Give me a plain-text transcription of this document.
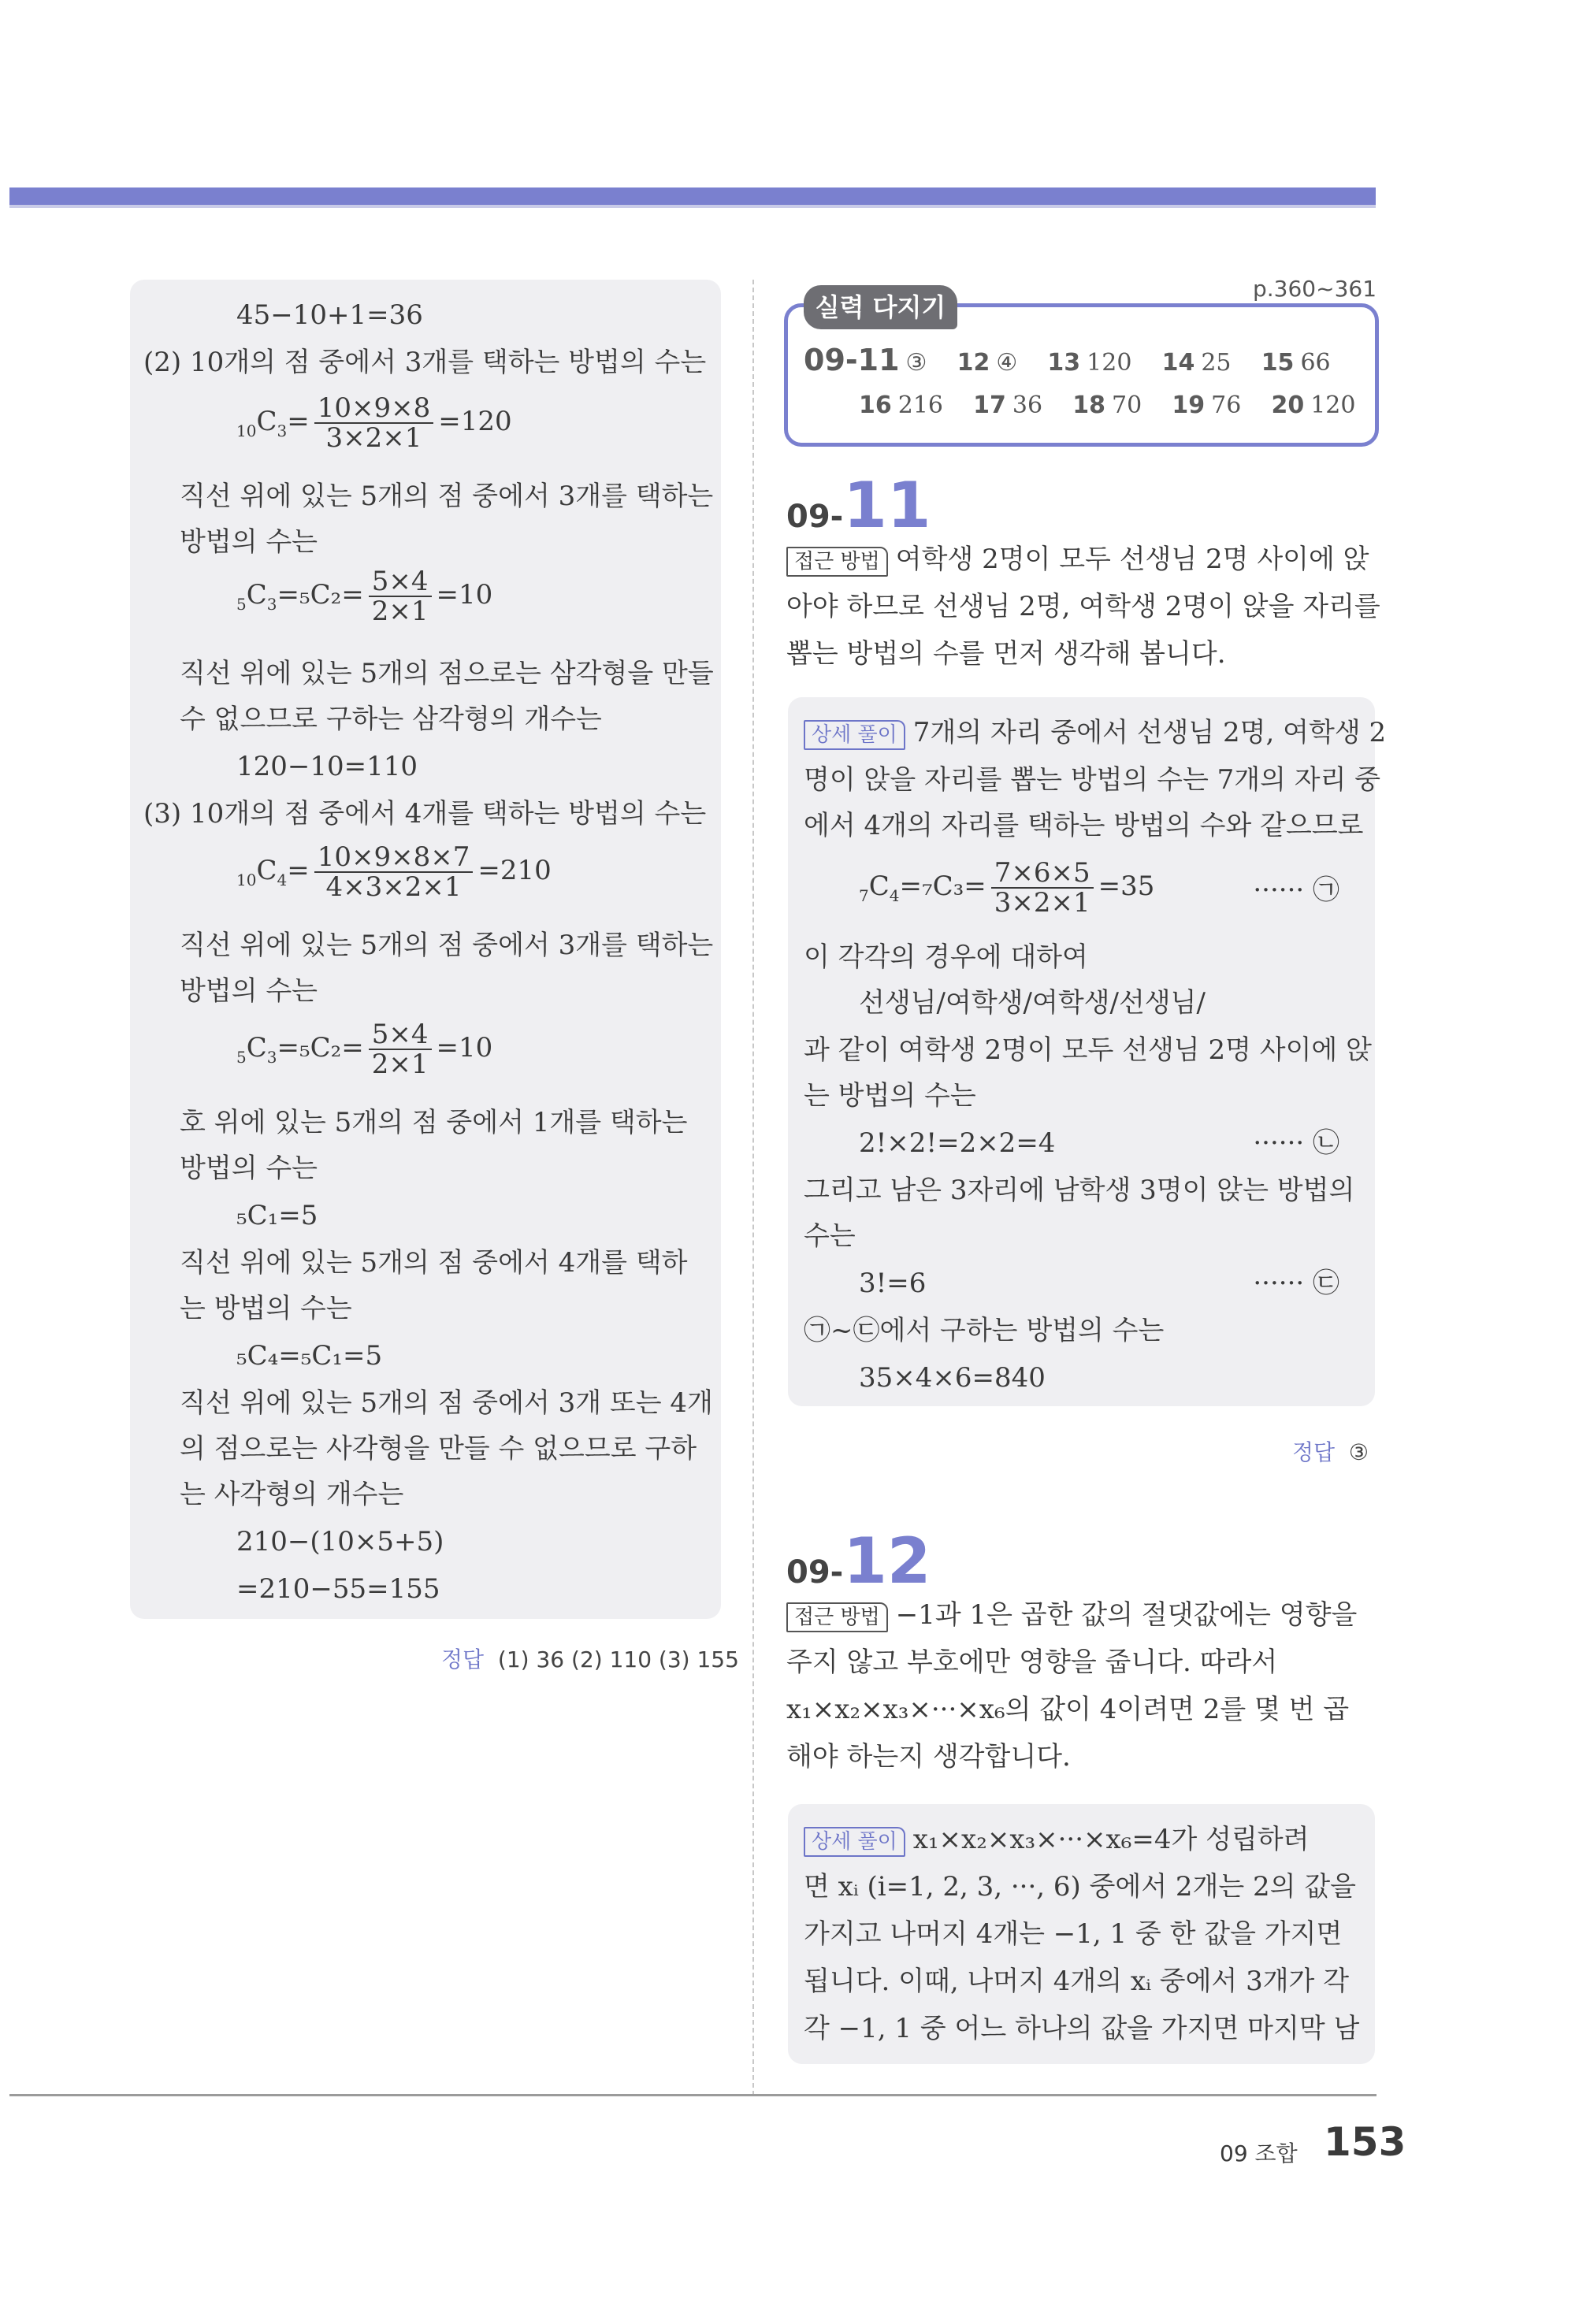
45−10+1=36
(2) 10개의 점 중에서 3개를 택하는 방법의 수는
$_{10}C_3= \frac{10\times 9\times 8}{3\times 2\times 1} =120$
직선 위에 있는 5개의 점 중에서 3개를 택하는
방법의 수는
$_5C_3=_5C_2= \frac{5\times 4}{2\times 1} =10$
직선 위에 있는 5개의 점으로는 삼각형을 만들
수 없으므로 구하는 삼각형의 개수는
120−10=110
(3) 10개의 점 중에서 4개를 택하는 방법의 수는
$_{10}C_4= \frac{10\times 9\times 8\times 7}{4\times 3\times 2\times 1} =210$
직선 위에 있는 5개의 점 중에서 3개를 택하는
방법의 수는
$_5C_3=_5C_2= \frac{5\times 4}{2\times 1} =10$
호 위에 있는 5개의 점 중에서 1개를 택하는
방법의 수는
₅C₁=5
직선 위에 있는 5개의 점 중에서 4개를 택하
는 방법의 수는
₅C₄=₅C₁=5
직선 위에 있는 5개의 점 중에서 3개 또는 4개
의 점으로는 사각형을 만들 수 없으므로 구하
는 사각형의 개수는
210−(10×5+5)
=210−55=155
정답 (1) 36 (2) 110 (3) 155
p.360~361
실력 다지기
09-11 ③ 12 ④ 13 120 14 25 15 66
16 216 17 36 18 70 19 76 20 120
09-11
접근 방법 여학생 2명이 모두 선생님 2명 사이에 앉
아야 하므로 선생님 2명, 여학생 2명이 앉을 자리를
뽑는 방법의 수를 먼저 생각해 봅니다.
상세 풀이 7개의 자리 중에서 선생님 2명, 여학생 2
명이 앉을 자리를 뽑는 방법의 수는 7개의 자리 중
에서 4개의 자리를 택하는 방법의 수와 같으므로
$_7C_4=_7C_3= \frac{7\times 6\times 5}{3\times 2\times 1} =35$	······ ㉠
이 각각의 경우에 대하여
선생님/여학생/여학생/선생님/
과 같이 여학생 2명이 모두 선생님 2명 사이에 앉
는 방법의 수는
2!×2!=2×2=4	······ ㉡
그리고 남은 3자리에 남학생 3명이 앉는 방법의
수는
3!=6	······ ㉢
㉠~㉢에서 구하는 방법의 수는
35×4×6=840
정답 ③
09-12
접근 방법 −1과 1은 곱한 값의 절댓값에는 영향을
주지 않고 부호에만 영향을 줍니다. 따라서
x₁×x₂×x₃×···×x₆의 값이 4이려면 2를 몇 번 곱
해야 하는지 생각합니다.
상세 풀이 x₁×x₂×x₃×···×x₆=4가 성립하려
면 xᵢ (i=1, 2, 3, ···, 6) 중에서 2개는 2의 값을
가지고 나머지 4개는 −1, 1 중 한 값을 가지면
됩니다. 이때, 나머지 4개의 xᵢ 중에서 3개가 각
각 −1, 1 중 어느 하나의 값을 가지면 마지막 남
09 조합 153
